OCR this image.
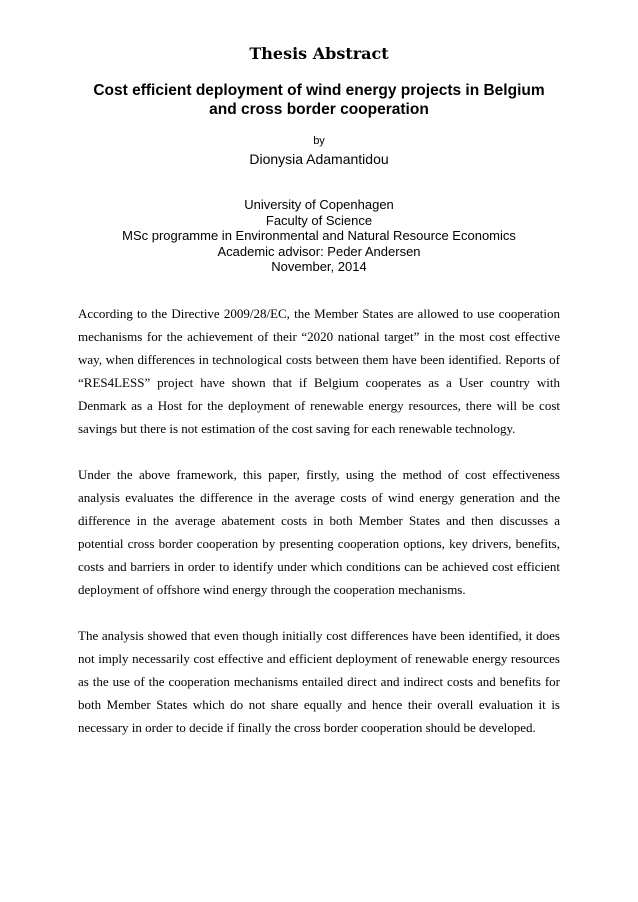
Thesis Abstract
Cost efficient deployment of wind energy projects in Belgium and cross border cooperation
by
Dionysia Adamantidou
University of Copenhagen
Faculty of Science
MSc programme in Environmental and Natural Resource Economics
Academic advisor: Peder Andersen
November, 2014

According to the Directive 2009/28/EC, the Member States are allowed to use cooperation mechanisms for the achievement of their “2020 national target” in the most cost effective way, when differences in technological costs between them have been identified. Reports of “RES4LESS” project have shown that if Belgium cooperates as a User country with Denmark as a Host for the deployment of renewable energy resources, there will be cost savings but there is not estimation of the cost saving for each renewable technology.

Under the above framework, this paper, firstly, using the method of cost effectiveness analysis evaluates the difference in the average costs of wind energy generation and the difference in the average abatement costs in both Member States and then discusses a potential cross border cooperation by presenting cooperation options, key drivers, benefits, costs and barriers in order to identify under which conditions can be achieved cost efficient deployment of offshore wind energy through the cooperation mechanisms.

The analysis showed that even though initially cost differences have been identified, it does not imply necessarily cost effective and efficient deployment of renewable energy resources as the use of the cooperation mechanisms entailed direct and indirect costs and benefits for both Member States which do not share equally and hence their overall evaluation it is necessary in order to decide if finally the cross border cooperation should be developed.
